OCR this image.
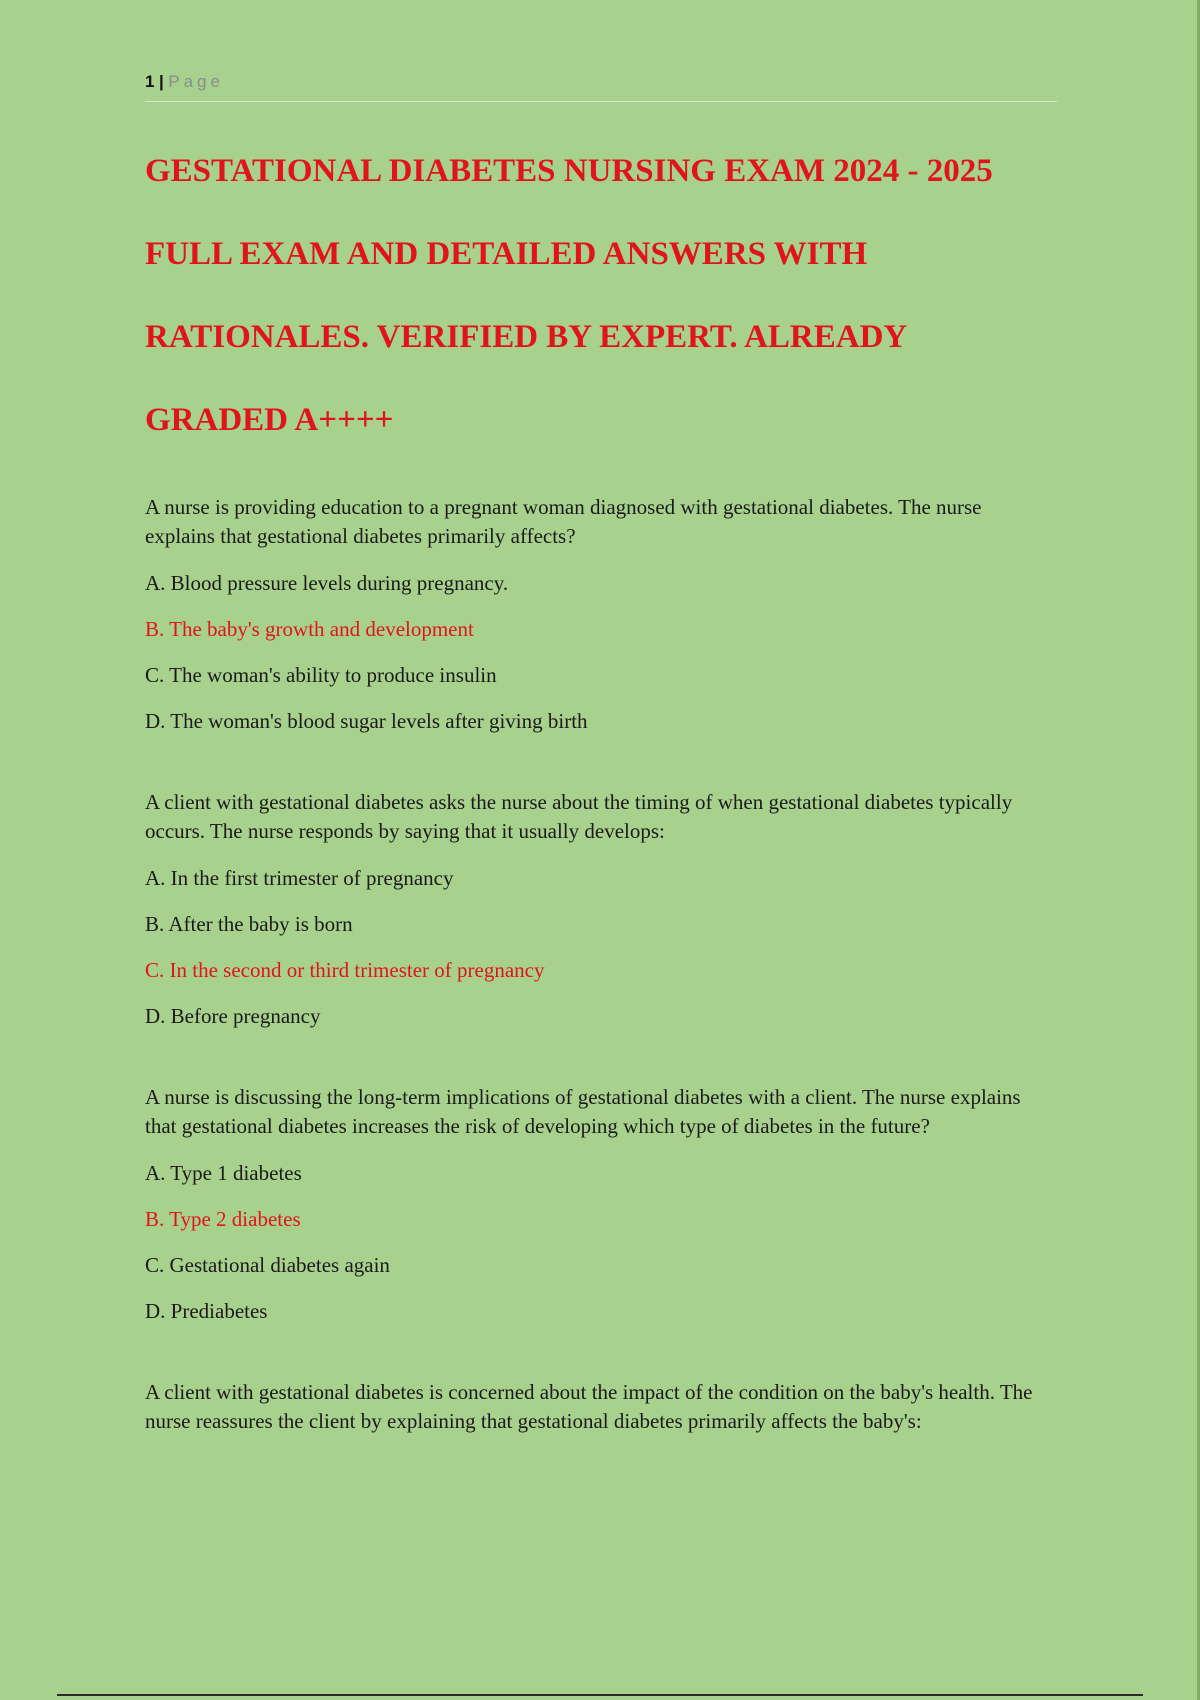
1 | Page
GESTATIONAL DIABETES NURSING EXAM 2024 - 2025 FULL EXAM AND DETAILED ANSWERS WITH RATIONALES. VERIFIED BY EXPERT. ALREADY GRADED A++++

A nurse is providing education to a pregnant woman diagnosed with gestational diabetes. The nurse explains that gestational diabetes primarily affects?

A. Blood pressure levels during pregnancy.

B. The baby's growth and development

C. The woman's ability to produce insulin

D. The woman's blood sugar levels after giving birth

A client with gestational diabetes asks the nurse about the timing of when gestational diabetes typically occurs. The nurse responds by saying that it usually develops:

A. In the first trimester of pregnancy

B. After the baby is born

C. In the second or third trimester of pregnancy

D. Before pregnancy

A nurse is discussing the long-term implications of gestational diabetes with a client. The nurse explains that gestational diabetes increases the risk of developing which type of diabetes in the future?

A. Type 1 diabetes

B. Type 2 diabetes

C. Gestational diabetes again

D. Prediabetes

A client with gestational diabetes is concerned about the impact of the condition on the baby's health. The nurse reassures the client by explaining that gestational diabetes primarily affects the baby's:
